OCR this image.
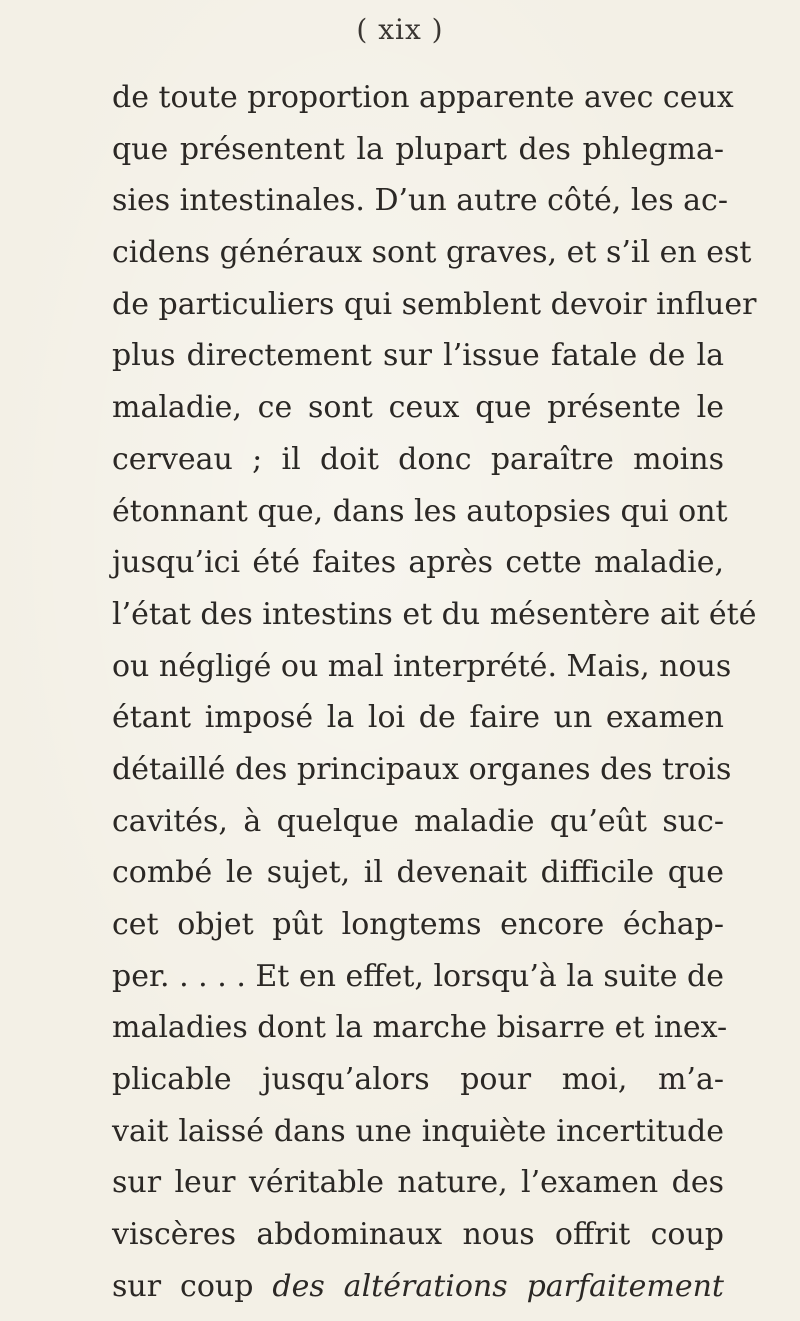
( xix )
de toute proportion apparente avec ceux
que présentent la plupart des phlegma-
sies intestinales. D’un autre côté, les ac-
cidens généraux sont graves, et s’il en est
de particuliers qui semblent devoir influer
plus directement sur l’issue fatale de la
maladie, ce sont ceux que présente le
cerveau ; il doit donc paraître moins
étonnant que, dans les autopsies qui ont
jusqu’ici été faites après cette maladie,
l’état des intestins et du mésentère ait été
ou négligé ou mal interprété. Mais, nous
étant imposé la loi de faire un examen
détaillé des principaux organes des trois
cavités, à quelque maladie qu’eût suc-
combé le sujet, il devenait difficile que
cet objet pût longtems encore échap-
per. . . . . Et en effet, lorsqu’à la suite de
maladies dont la marche bisarre et inex-
plicable jusqu’alors pour moi, m’a-
vait laissé dans une inquiète incertitude
sur leur véritable nature, l’examen des
viscères abdominaux nous offrit coup
sur coup des altérations parfaitement
